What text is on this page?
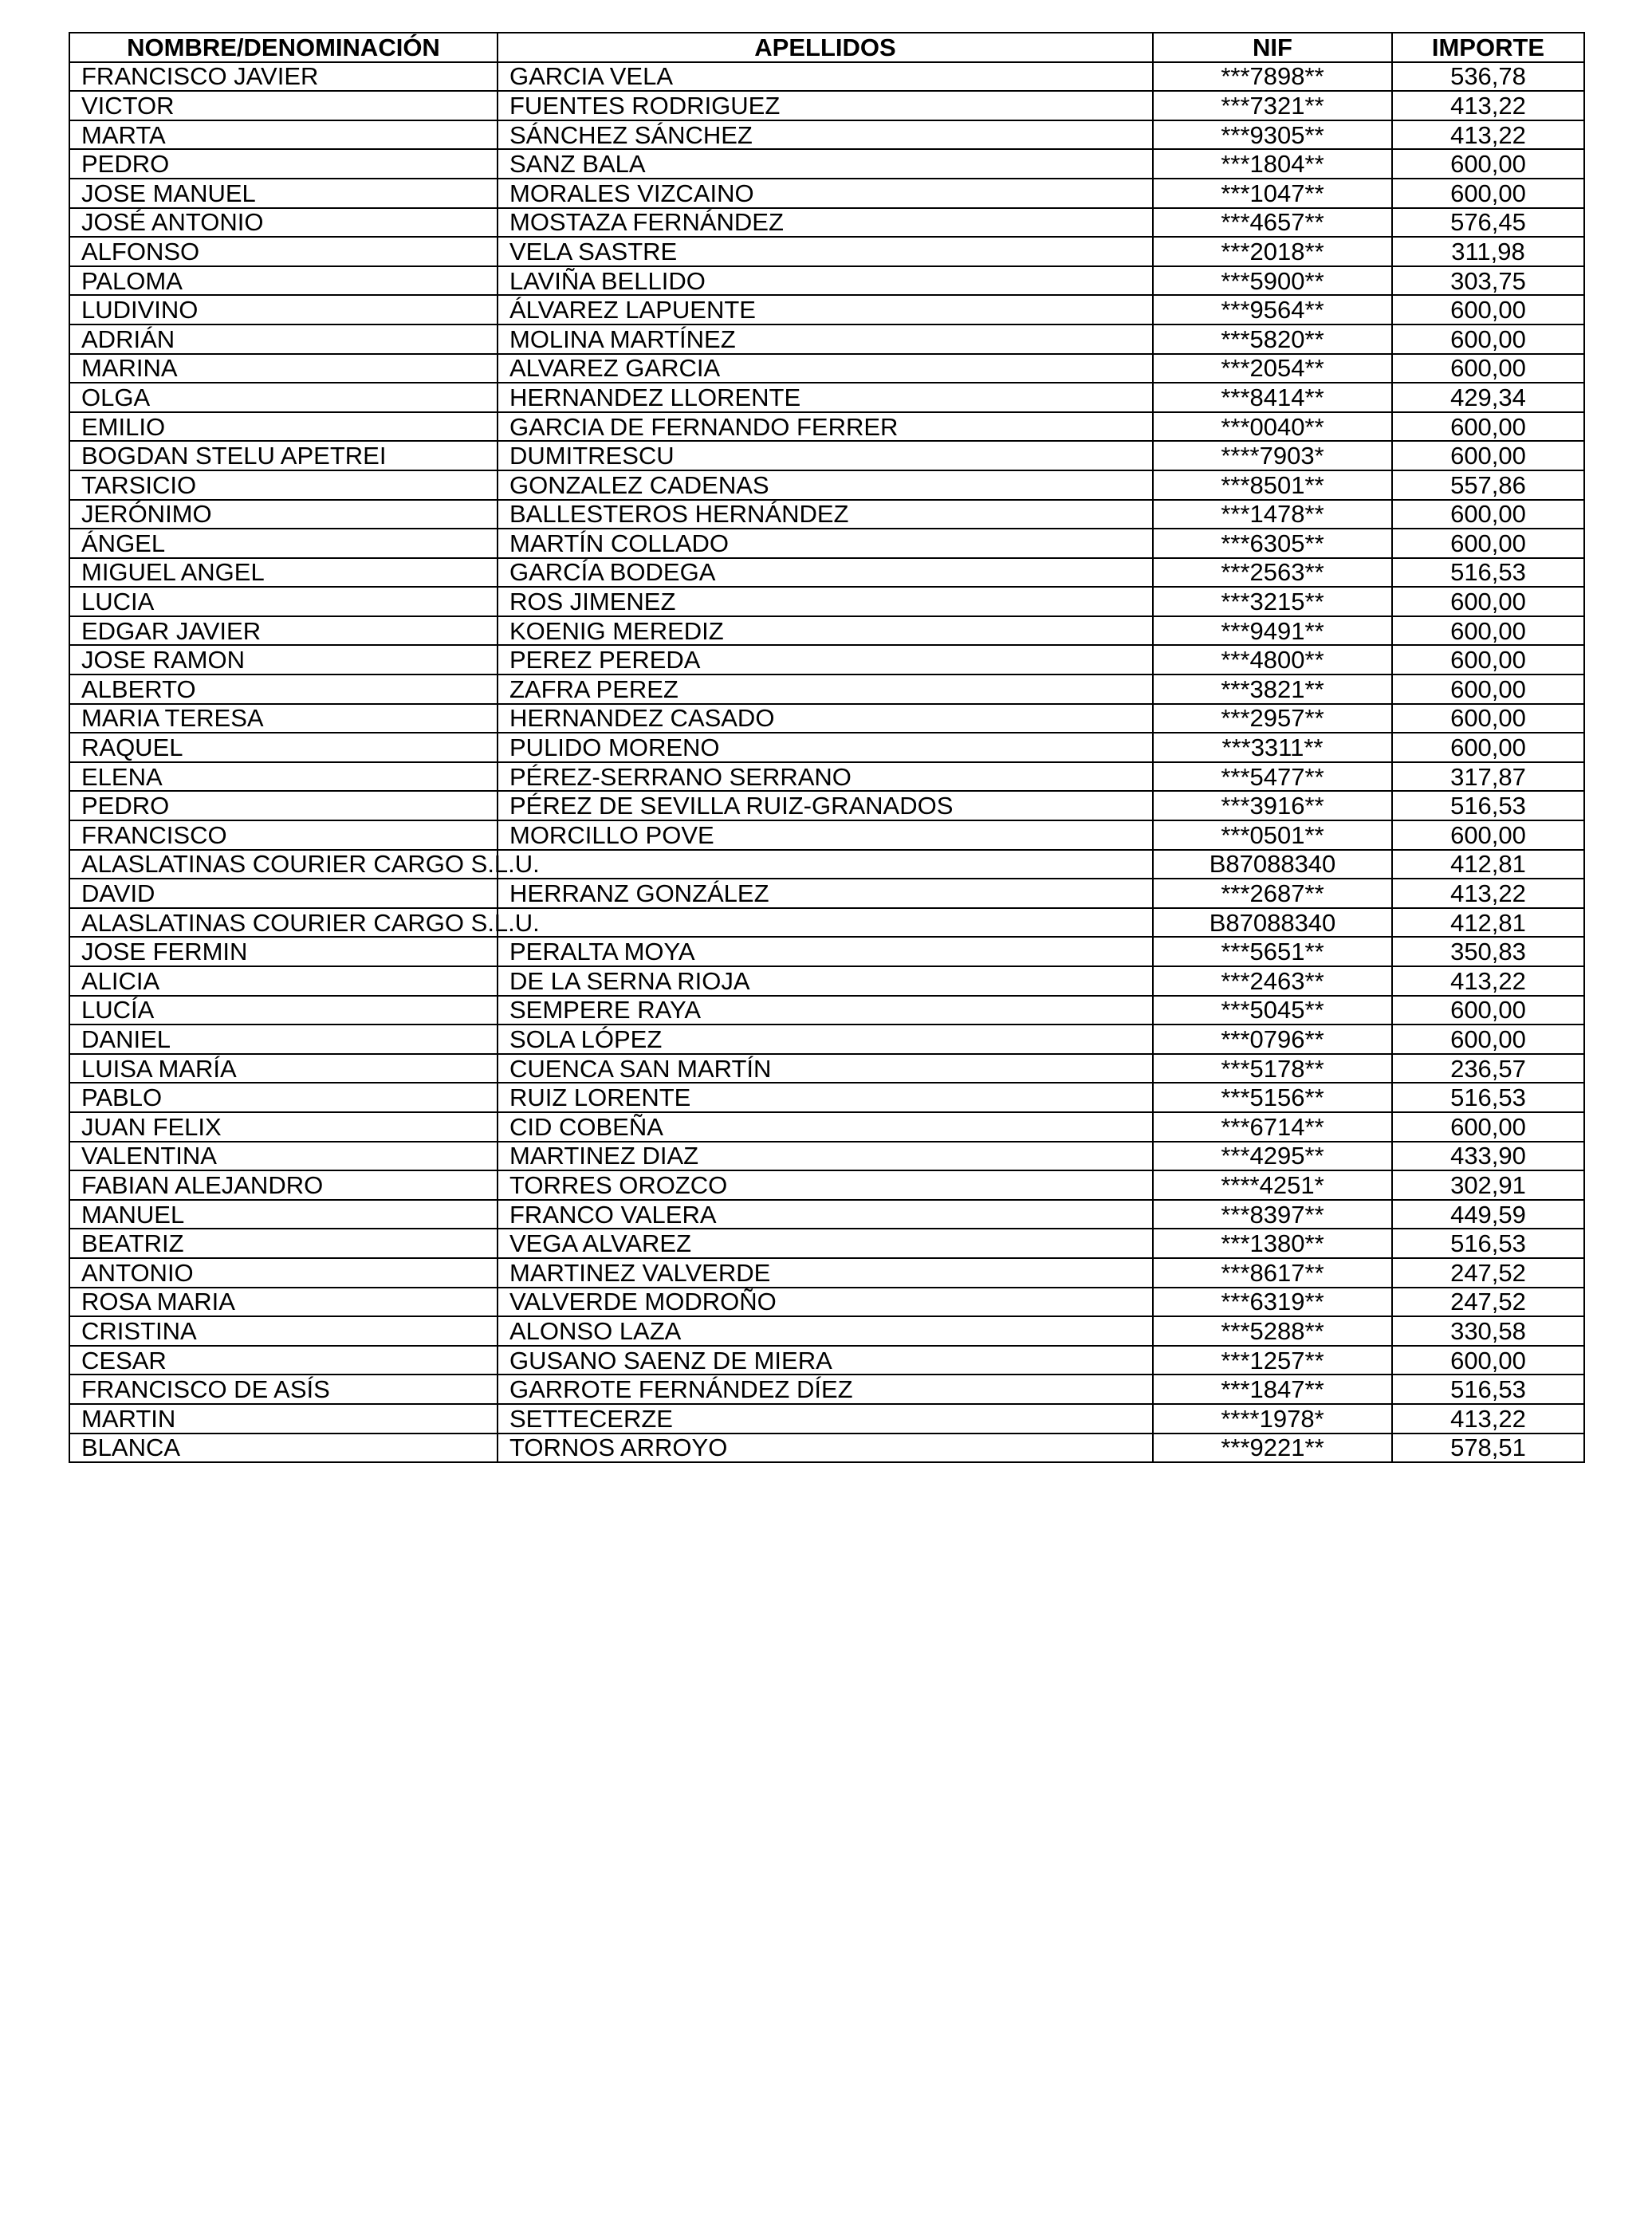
NOMBRE/DENOMINACIÓN	APELLIDOS	NIF	IMPORTE
FRANCISCO JAVIER	GARCIA VELA	***7898**	536,78
VICTOR	FUENTES RODRIGUEZ	***7321**	413,22
MARTA	SÁNCHEZ SÁNCHEZ	***9305**	413,22
PEDRO	SANZ BALA	***1804**	600,00
JOSE MANUEL	MORALES VIZCAINO	***1047**	600,00
JOSÉ ANTONIO	MOSTAZA FERNÁNDEZ	***4657**	576,45
ALFONSO	VELA SASTRE	***2018**	311,98
PALOMA	LAVIÑA BELLIDO	***5900**	303,75
LUDIVINO	ÁLVAREZ LAPUENTE	***9564**	600,00
ADRIÁN	MOLINA MARTÍNEZ	***5820**	600,00
MARINA	ALVAREZ GARCIA	***2054**	600,00
OLGA	HERNANDEZ LLORENTE	***8414**	429,34
EMILIO	GARCIA DE FERNANDO FERRER	***0040**	600,00
BOGDAN STELU APETREI	DUMITRESCU	****7903*	600,00
TARSICIO	GONZALEZ CADENAS	***8501**	557,86
JERÓNIMO	BALLESTEROS HERNÁNDEZ	***1478**	600,00
ÁNGEL	MARTÍN COLLADO	***6305**	600,00
MIGUEL ANGEL	GARCÍA BODEGA	***2563**	516,53
LUCIA	ROS JIMENEZ	***3215**	600,00
EDGAR JAVIER	KOENIG MEREDIZ	***9491**	600,00
JOSE RAMON	PEREZ PEREDA	***4800**	600,00
ALBERTO	ZAFRA PEREZ	***3821**	600,00
MARIA TERESA	HERNANDEZ CASADO	***2957**	600,00
RAQUEL	PULIDO MORENO	***3311**	600,00
ELENA	PÉREZ-SERRANO SERRANO	***5477**	317,87
PEDRO	PÉREZ DE SEVILLA RUIZ-GRANADOS	***3916**	516,53
FRANCISCO	MORCILLO POVE	***0501**	600,00
ALASLATINAS COURIER CARGO S.L.U.		B87088340	412,81
DAVID	HERRANZ GONZÁLEZ	***2687**	413,22
ALASLATINAS COURIER CARGO S.L.U.		B87088340	412,81
JOSE FERMIN	PERALTA MOYA	***5651**	350,83
ALICIA	DE LA SERNA RIOJA	***2463**	413,22
LUCÍA	SEMPERE RAYA	***5045**	600,00
DANIEL	SOLA LÓPEZ	***0796**	600,00
LUISA MARÍA	CUENCA SAN MARTÍN	***5178**	236,57
PABLO	RUIZ LORENTE	***5156**	516,53
JUAN FELIX	CID COBEÑA	***6714**	600,00
VALENTINA	MARTINEZ DIAZ	***4295**	433,90
FABIAN ALEJANDRO	TORRES OROZCO	****4251*	302,91
MANUEL	FRANCO VALERA	***8397**	449,59
BEATRIZ	VEGA ALVAREZ	***1380**	516,53
ANTONIO	MARTINEZ VALVERDE	***8617**	247,52
ROSA MARIA	VALVERDE MODROÑO	***6319**	247,52
CRISTINA	ALONSO LAZA	***5288**	330,58
CESAR	GUSANO SAENZ DE MIERA	***1257**	600,00
FRANCISCO DE ASÍS	GARROTE FERNÁNDEZ DÍEZ	***1847**	516,53
MARTIN	SETTECERZE	****1978*	413,22
BLANCA	TORNOS ARROYO	***9221**	578,51
